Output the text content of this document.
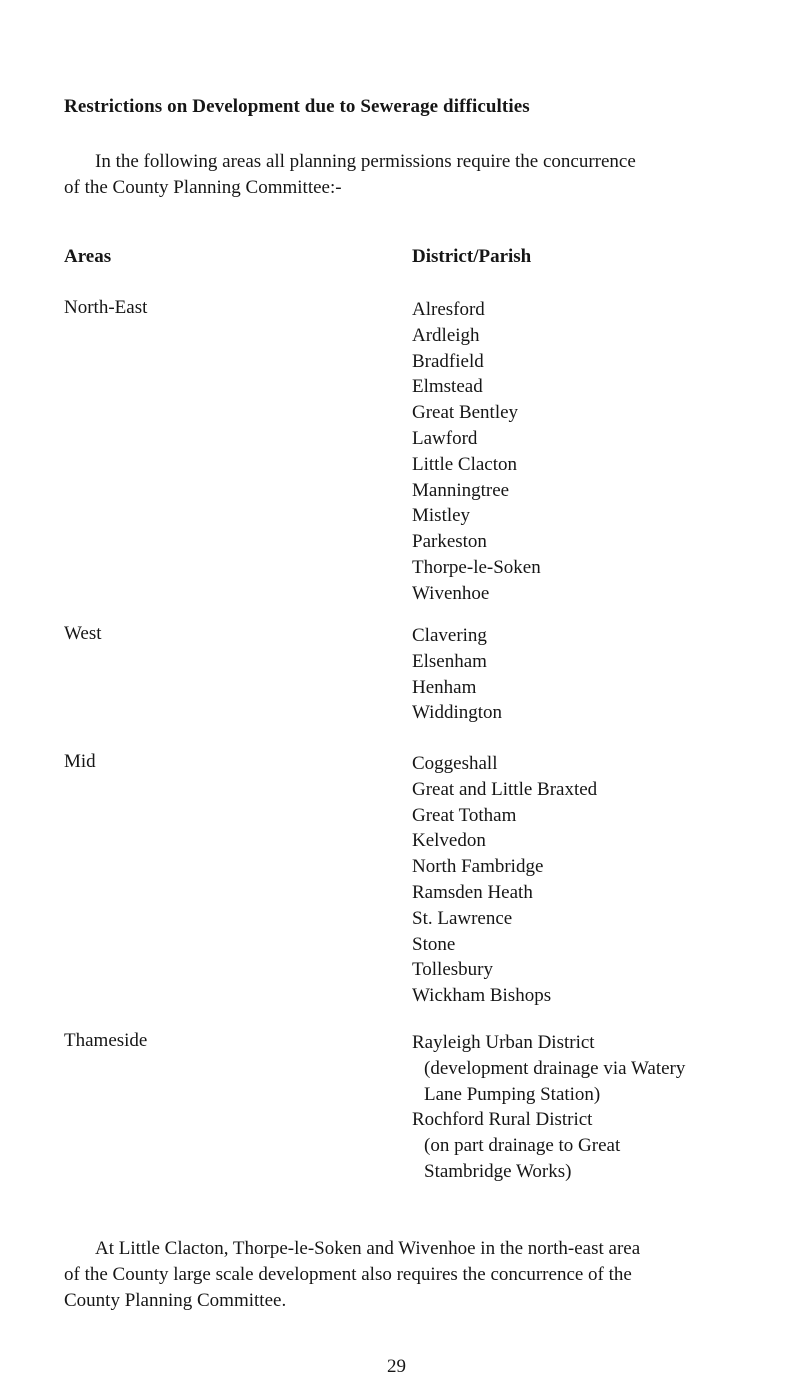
Restrictions on Development due to Sewerage difficulties
In the following areas all planning permissions require the concurrence
of the County Planning Committee:-
Areas	District/Parish
North-East	Alresford
Ardleigh
Bradfield
Elmstead
Great Bentley
Lawford
Little Clacton
Manningtree
Mistley
Parkeston
Thorpe-le-Soken
Wivenhoe
West	Clavering
Elsenham
Henham
Widdington
Mid	Coggeshall
Great and Little Braxted
Great Totham
Kelvedon
North Fambridge
Ramsden Heath
St. Lawrence
Stone
Tollesbury
Wickham Bishops
Thameside	Rayleigh Urban District
(development drainage via Watery
Lane Pumping Station)
Rochford Rural District
(on part drainage to Great
Stambridge Works)
At Little Clacton, Thorpe-le-Soken and Wivenhoe in the north-east area
of the County large scale development also requires the concurrence of the
County Planning Committee.
29
